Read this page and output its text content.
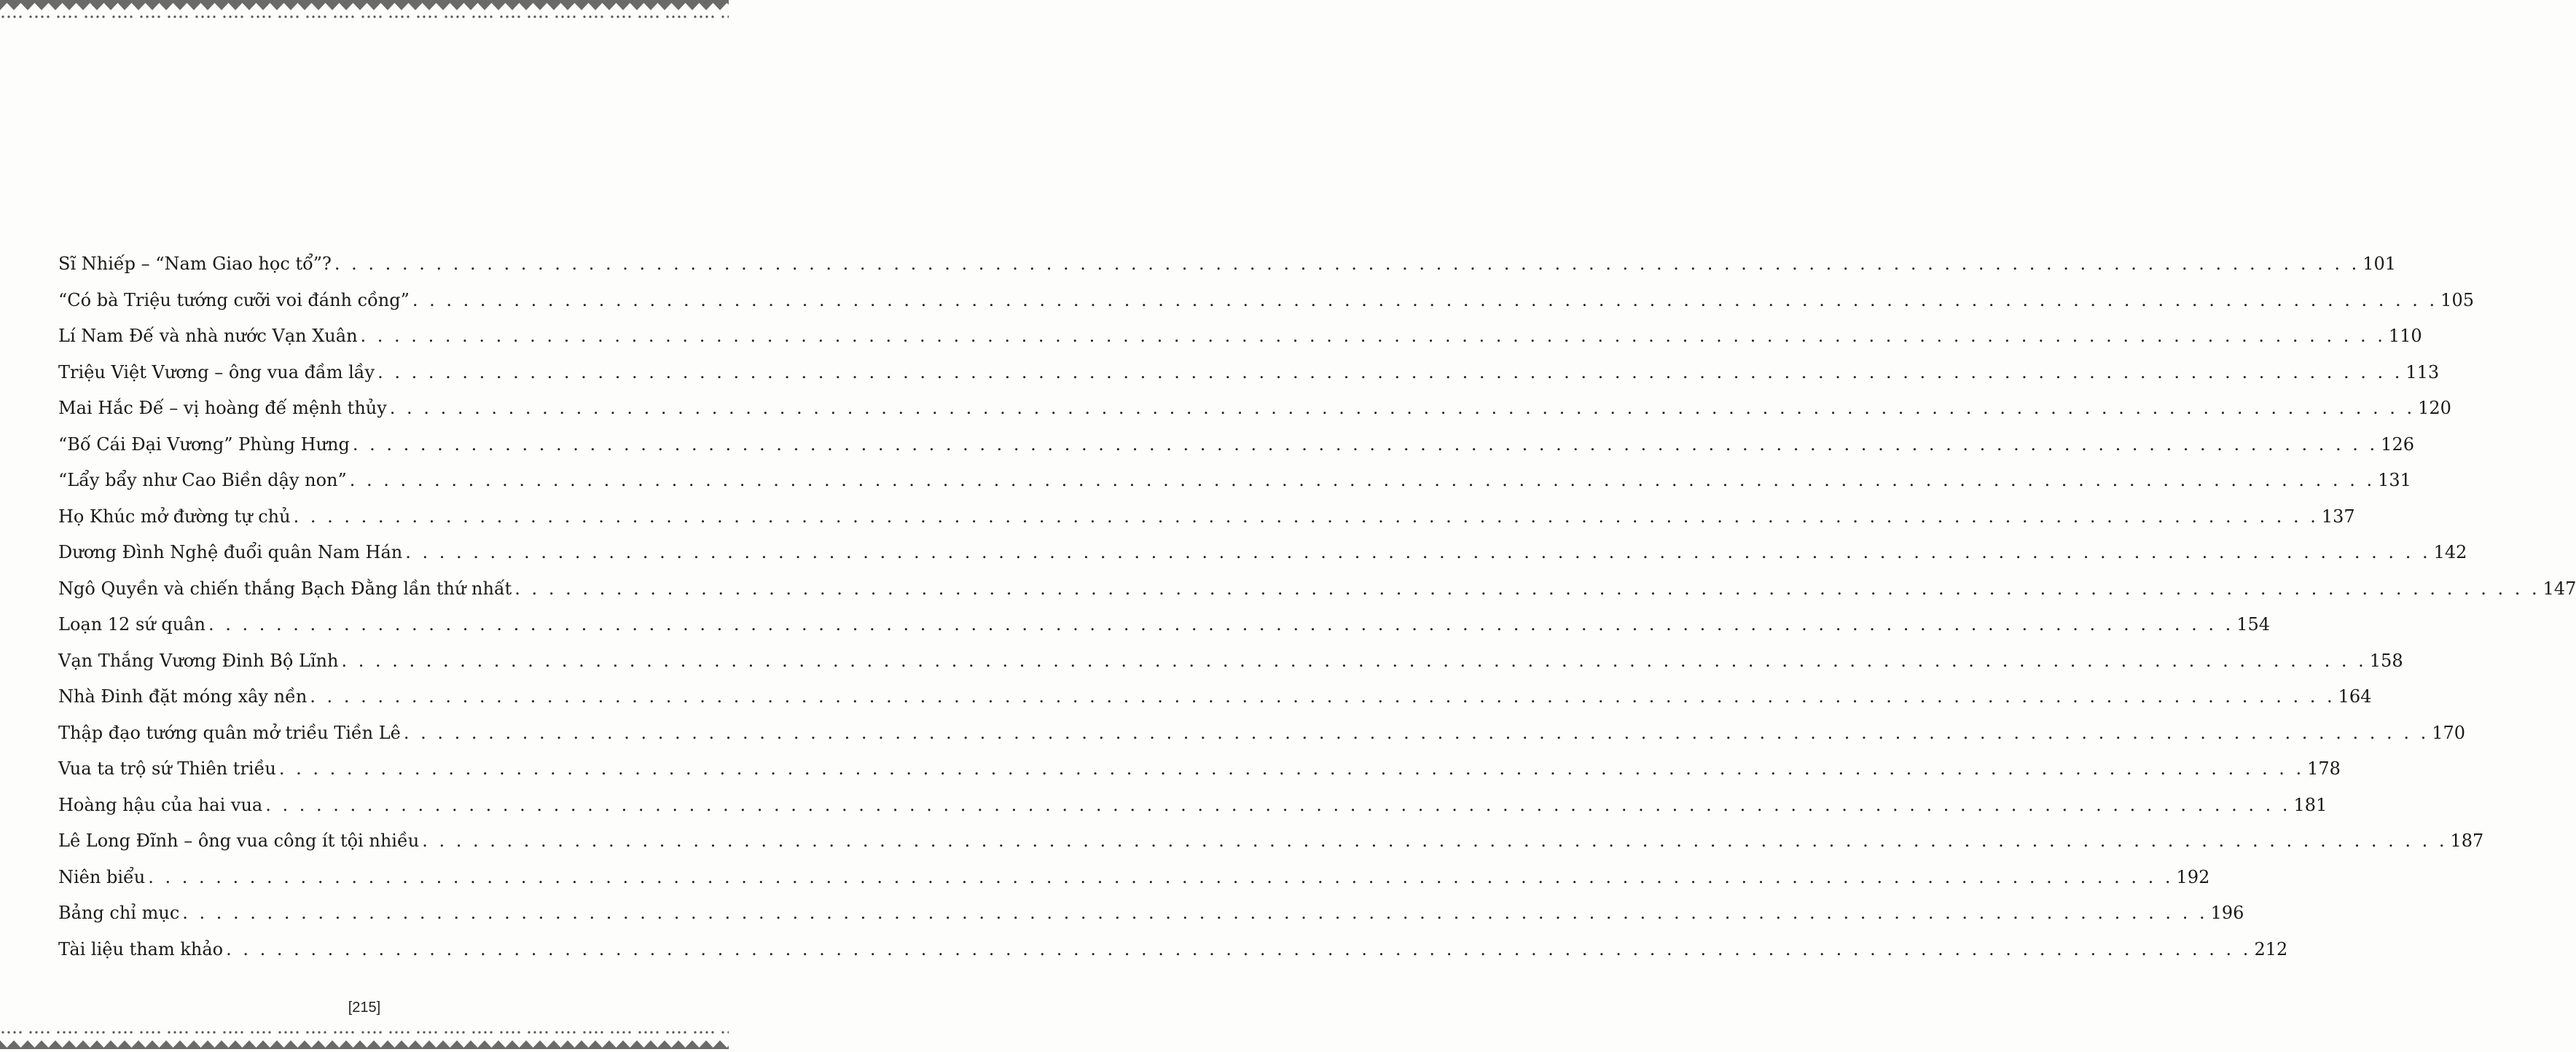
Sĩ Nhiếp – “Nam Giao học tổ”? . . . . . . . . . . . . . . . . . . . . . . . . . . . . . . . . . . . . . . . . . . . . . . . . . . . . . . . . . . . . . . . . . . . . . . . . . . . . . . . . . . . . . . . . . . . . . . . . . . . . . . . . . . . . . . . . . . . . . . . . 101
“Có bà Triệu tướng cưỡi voi đánh cồng” . . . . . . . . . . . . . . . . . . . . . . . . . . . . . . . . . . . . . . . . . . . . . . . . . . . . . . . . . . . . . . . . . . . . . . . . . . . . . . . . . . . . . . . . . . . . . . . . . . . . . . . . . . . . . . . . . . . . . . . . 105
Lí Nam Đế và nhà nước Vạn Xuân . . . . . . . . . . . . . . . . . . . . . . . . . . . . . . . . . . . . . . . . . . . . . . . . . . . . . . . . . . . . . . . . . . . . . . . . . . . . . . . . . . . . . . . . . . . . . . . . . . . . . . . . . . . . . . . . . . . . . . . . 110
Triệu Việt Vương – ông vua đầm lầy . . . . . . . . . . . . . . . . . . . . . . . . . . . . . . . . . . . . . . . . . . . . . . . . . . . . . . . . . . . . . . . . . . . . . . . . . . . . . . . . . . . . . . . . . . . . . . . . . . . . . . . . . . . . . . . . . . . . . . . . 113
Mai Hắc Đế – vị hoàng đế mệnh thủy . . . . . . . . . . . . . . . . . . . . . . . . . . . . . . . . . . . . . . . . . . . . . . . . . . . . . . . . . . . . . . . . . . . . . . . . . . . . . . . . . . . . . . . . . . . . . . . . . . . . . . . . . . . . . . . . . . . . . . . . 120
“Bố Cái Đại Vương” Phùng Hưng . . . . . . . . . . . . . . . . . . . . . . . . . . . . . . . . . . . . . . . . . . . . . . . . . . . . . . . . . . . . . . . . . . . . . . . . . . . . . . . . . . . . . . . . . . . . . . . . . . . . . . . . . . . . . . . . . . . . . . . . 126
“Lẩy bẩy như Cao Biền dậy non” . . . . . . . . . . . . . . . . . . . . . . . . . . . . . . . . . . . . . . . . . . . . . . . . . . . . . . . . . . . . . . . . . . . . . . . . . . . . . . . . . . . . . . . . . . . . . . . . . . . . . . . . . . . . . . . . . . . . . . . . 131
Họ Khúc mở đường tự chủ . . . . . . . . . . . . . . . . . . . . . . . . . . . . . . . . . . . . . . . . . . . . . . . . . . . . . . . . . . . . . . . . . . . . . . . . . . . . . . . . . . . . . . . . . . . . . . . . . . . . . . . . . . . . . . . . . . . . . . . . 137
Dương Đình Nghệ đuổi quân Nam Hán . . . . . . . . . . . . . . . . . . . . . . . . . . . . . . . . . . . . . . . . . . . . . . . . . . . . . . . . . . . . . . . . . . . . . . . . . . . . . . . . . . . . . . . . . . . . . . . . . . . . . . . . . . . . . . . . . . . . . . . . 142
Ngô Quyền và chiến thắng Bạch Đằng lần thứ nhất . . . . . . . . . . . . . . . . . . . . . . . . . . . . . . . . . . . . . . . . . . . . . . . . . . . . . . . . . . . . . . . . . . . . . . . . . . . . . . . . . . . . . . . . . . . . . . . . . . . . . . . . . . . . . . . . . . . . . . . . 147
Loạn 12 sứ quân . . . . . . . . . . . . . . . . . . . . . . . . . . . . . . . . . . . . . . . . . . . . . . . . . . . . . . . . . . . . . . . . . . . . . . . . . . . . . . . . . . . . . . . . . . . . . . . . . . . . . . . . . . . . . . . . . . . . . . . . 154
Vạn Thắng Vương Đinh Bộ Lĩnh . . . . . . . . . . . . . . . . . . . . . . . . . . . . . . . . . . . . . . . . . . . . . . . . . . . . . . . . . . . . . . . . . . . . . . . . . . . . . . . . . . . . . . . . . . . . . . . . . . . . . . . . . . . . . . . . . . . . . . . . 158
Nhà Đinh đặt móng xây nền . . . . . . . . . . . . . . . . . . . . . . . . . . . . . . . . . . . . . . . . . . . . . . . . . . . . . . . . . . . . . . . . . . . . . . . . . . . . . . . . . . . . . . . . . . . . . . . . . . . . . . . . . . . . . . . . . . . . . . . . 164
Thập đạo tướng quân mở triều Tiền Lê . . . . . . . . . . . . . . . . . . . . . . . . . . . . . . . . . . . . . . . . . . . . . . . . . . . . . . . . . . . . . . . . . . . . . . . . . . . . . . . . . . . . . . . . . . . . . . . . . . . . . . . . . . . . . . . . . . . . . . . . 170
Vua ta trộ sứ Thiên triều . . . . . . . . . . . . . . . . . . . . . . . . . . . . . . . . . . . . . . . . . . . . . . . . . . . . . . . . . . . . . . . . . . . . . . . . . . . . . . . . . . . . . . . . . . . . . . . . . . . . . . . . . . . . . . . . . . . . . . . . 178
Hoàng hậu của hai vua . . . . . . . . . . . . . . . . . . . . . . . . . . . . . . . . . . . . . . . . . . . . . . . . . . . . . . . . . . . . . . . . . . . . . . . . . . . . . . . . . . . . . . . . . . . . . . . . . . . . . . . . . . . . . . . . . . . . . . . . 181
Lê Long Đĩnh – ông vua công ít tội nhiều . . . . . . . . . . . . . . . . . . . . . . . . . . . . . . . . . . . . . . . . . . . . . . . . . . . . . . . . . . . . . . . . . . . . . . . . . . . . . . . . . . . . . . . . . . . . . . . . . . . . . . . . . . . . . . . . . . . . . . . . 187
Niên biểu . . . . . . . . . . . . . . . . . . . . . . . . . . . . . . . . . . . . . . . . . . . . . . . . . . . . . . . . . . . . . . . . . . . . . . . . . . . . . . . . . . . . . . . . . . . . . . . . . . . . . . . . . . . . . . . . . . . . . . . . 192
Bảng chỉ mục . . . . . . . . . . . . . . . . . . . . . . . . . . . . . . . . . . . . . . . . . . . . . . . . . . . . . . . . . . . . . . . . . . . . . . . . . . . . . . . . . . . . . . . . . . . . . . . . . . . . . . . . . . . . . . . . . . . . . . . . 196
Tài liệu tham khảo . . . . . . . . . . . . . . . . . . . . . . . . . . . . . . . . . . . . . . . . . . . . . . . . . . . . . . . . . . . . . . . . . . . . . . . . . . . . . . . . . . . . . . . . . . . . . . . . . . . . . . . . . . . . . . . . . . . . . . . . 212
[215]
